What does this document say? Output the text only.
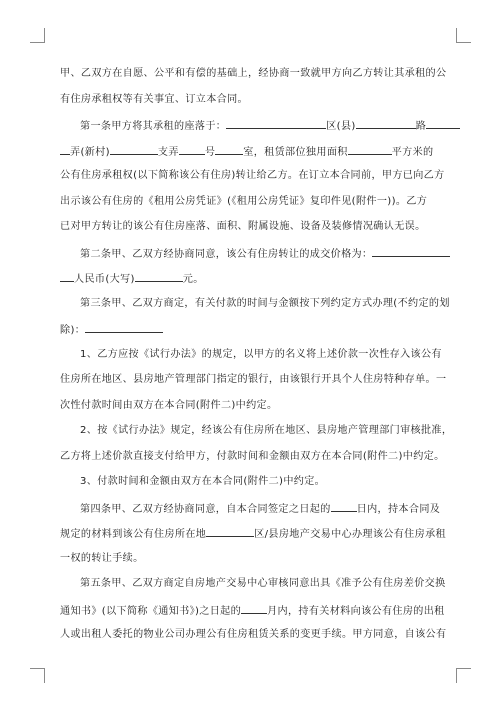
甲、乙双方在自愿、公平和有偿的基础上，经协商一致就甲方向乙方转让其承租的公
有住房承租权等有关事宜、订立本合同。
第一条甲方将其承租的座落于：	区(县)	路
弄(新村)	支弄	号	室，租赁部位独用面积	平方米的
公有住房承租权(以下简称该公有住房)转让给乙方。在订立本合同前，甲方已向乙方
出示该公有住房的《租用公房凭证》(《租用公房凭证》复印件见(附件一))。乙方
已对甲方转让的该公有住房座落、面积、附属设施、设备及装修情况确认无误。
第二条甲、乙双方经协商同意，该公有住房转让的成交价格为：
人民币(大写)	元。
第三条甲、乙双方商定，有关付款的时间与金额按下列约定方式办理(不约定的划
除)：
1、乙方应按《试行办法》的规定，以甲方的名义将上述价款一次性存入该公有
住房所在地区、县房地产管理部门指定的银行，由该银行开具个人住房特种存单。一
次性付款时间由双方在本合同(附件二)中约定。
2、按《试行办法》规定，经该公有住房所在地区、县房地产管理部门审核批准，
乙方将上述价款直接支付给甲方，付款时间和金额由双方在本合同(附件二)中约定。
3、付款时间和金额由双方在本合同(附件二)中约定。
第四条甲、乙双方经协商同意，自本合同签定之日起的	日内，持本合同及
规定的材料到该公有住房所在地	区/县房地产交易中心办理该公有住房承租
一权的转让手续。
第五条甲、乙双方商定自房地产交易中心审核同意出具《准予公有住房差价交换
通知书》(以下简称《通知书》)之日起的	月内，持有关材料向该公有住房的出租
人或出租人委托的物业公司办理公有住房租赁关系的变更手续。甲方同意，自该公有
